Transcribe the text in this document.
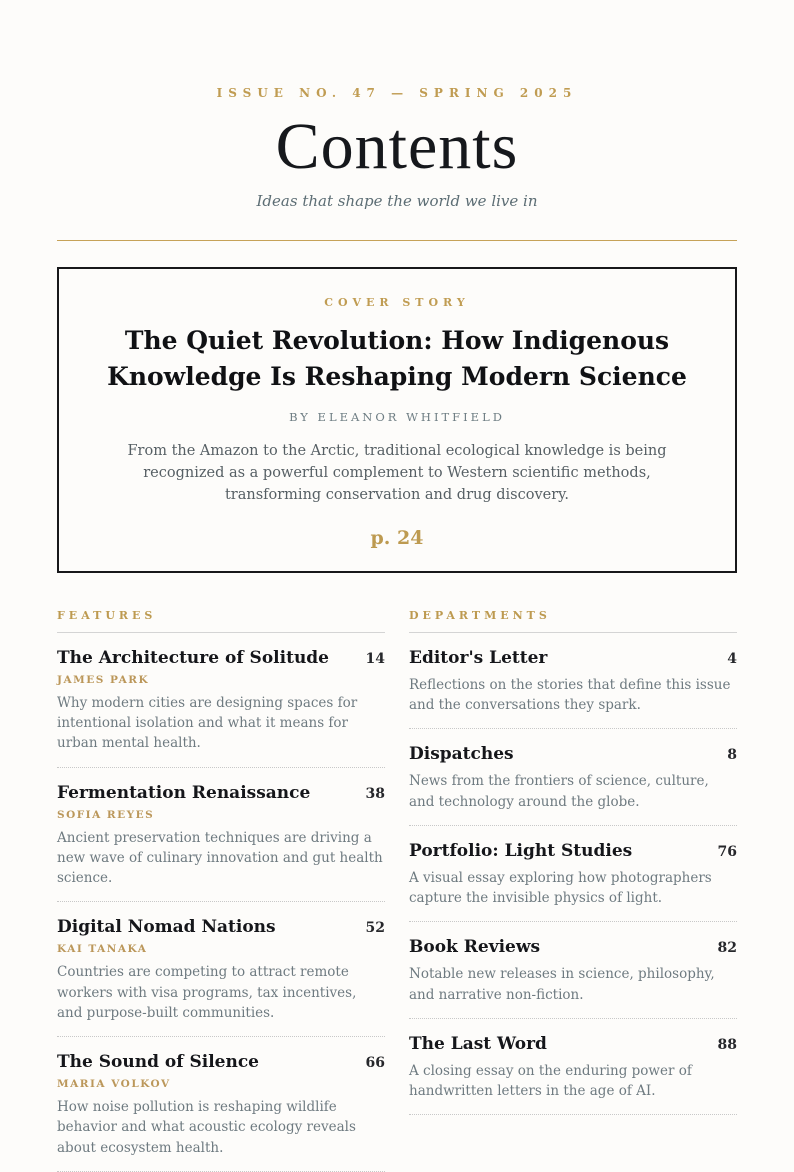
ISSUE NO. 47 — SPRING 2025
Contents
Ideas that shape the world we live in
COVER STORY
The Quiet Revolution: How Indigenous Knowledge Is Reshaping Modern Science
BY ELEANOR WHITFIELD

From the Amazon to the Arctic, traditional ecological knowledge is being recognized as a powerful complement to Western scientific methods, transforming conservation and drug discovery.

p. 24
FEATURES
The Architecture of Solitude	14
JAMES PARK

Why modern cities are designing spaces for intentional isolation and what it means for urban mental health.

Fermentation Renaissance	38
SOFIA REYES

Ancient preservation techniques are driving a new wave of culinary innovation and gut health science.

Digital Nomad Nations	52
KAI TANAKA

Countries are competing to attract remote workers with visa programs, tax incentives, and purpose-built communities.

The Sound of Silence	66
MARIA VOLKOV

How noise pollution is reshaping wildlife behavior and what acoustic ecology reveals about ecosystem health.

DEPARTMENTS
Editor's Letter	4

Reflections on the stories that define this issue and the conversations they spark.

Dispatches	8

News from the frontiers of science, culture, and technology around the globe.

Portfolio: Light Studies	76

A visual essay exploring how photographers capture the invisible physics of light.

Book Reviews	82

Notable new releases in science, philosophy, and narrative non-fiction.

The Last Word	88

A closing essay on the enduring power of handwritten letters in the age of AI.
